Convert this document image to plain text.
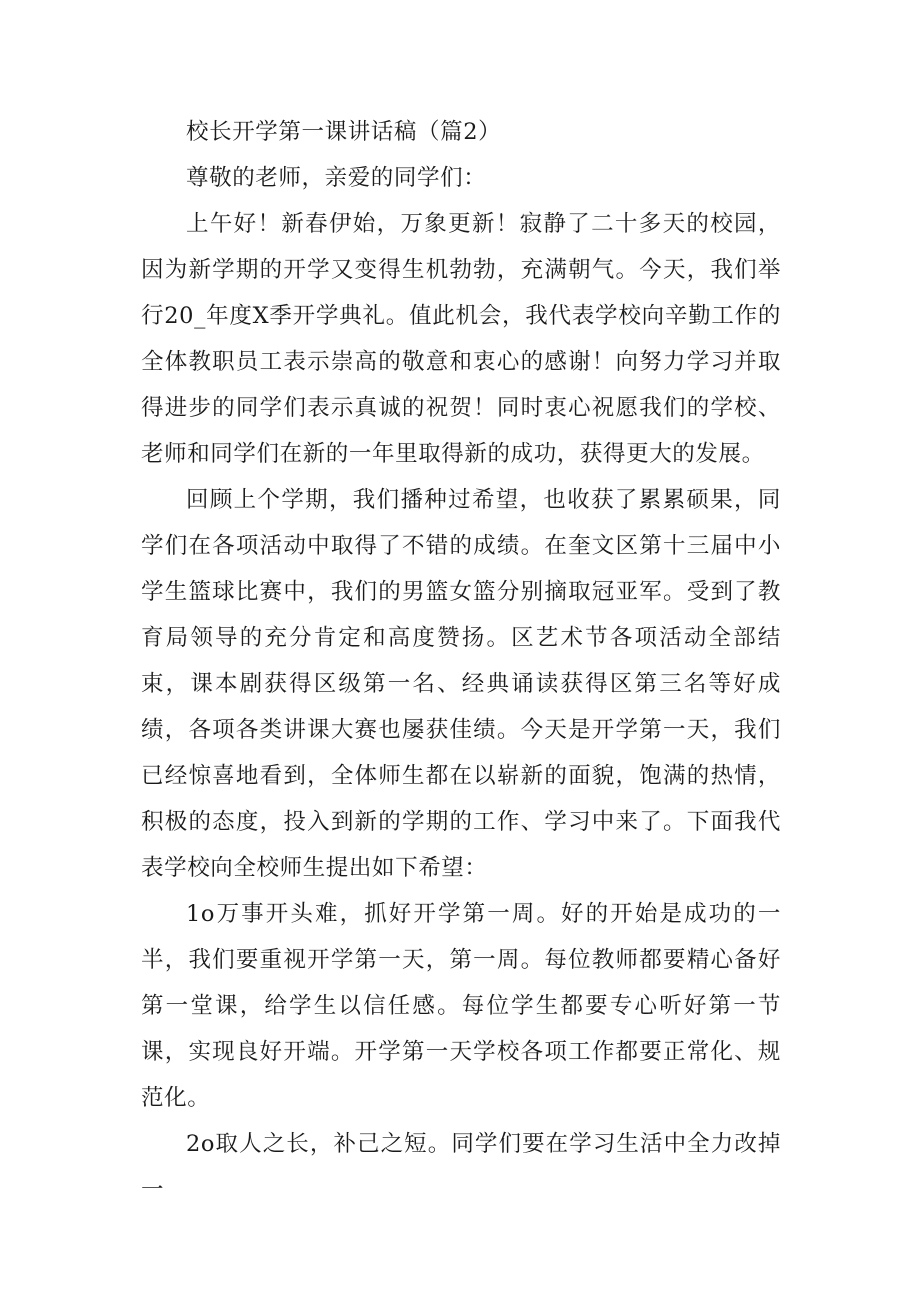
校长开学第一课讲话稿（篇2）

尊敬的老师，亲爱的同学们：

上午好！新春伊始，万象更新！寂静了二十多天的校园，因为新学期的开学又变得生机勃勃，充满朝气。今天，我们举行20_年度X季开学典礼。值此机会，我代表学校向辛勤工作的全体教职员工表示崇高的敬意和衷心的感谢！向努力学习并取得进步的同学们表示真诚的祝贺！同时衷心祝愿我们的学校、老师和同学们在新的一年里取得新的成功，获得更大的发展。

回顾上个学期，我们播种过希望，也收获了累累硕果，同学们在各项活动中取得了不错的成绩。在奎文区第十三届中小学生篮球比赛中，我们的男篮女篮分别摘取冠亚军。受到了教育局领导的充分肯定和高度赞扬。区艺术节各项活动全部结束，课本剧获得区级第一名、经典诵读获得区第三名等好成绩，各项各类讲课大赛也屡获佳绩。今天是开学第一天，我们已经惊喜地看到，全体师生都在以崭新的面貌，饱满的热情，积极的态度，投入到新的学期的工作、学习中来了。下面我代表学校向全校师生提出如下希望：

1o万事开头难，抓好开学第一周。好的开始是成功的一半，我们要重视开学第一天，第一周。每位教师都要精心备好第一堂课，给学生以信任感。每位学生都要专心听好第一节课，实现良好开端。开学第一天学校各项工作都要正常化、规范化。

2o取人之长，补己之短。同学们要在学习生活中全力改掉一
